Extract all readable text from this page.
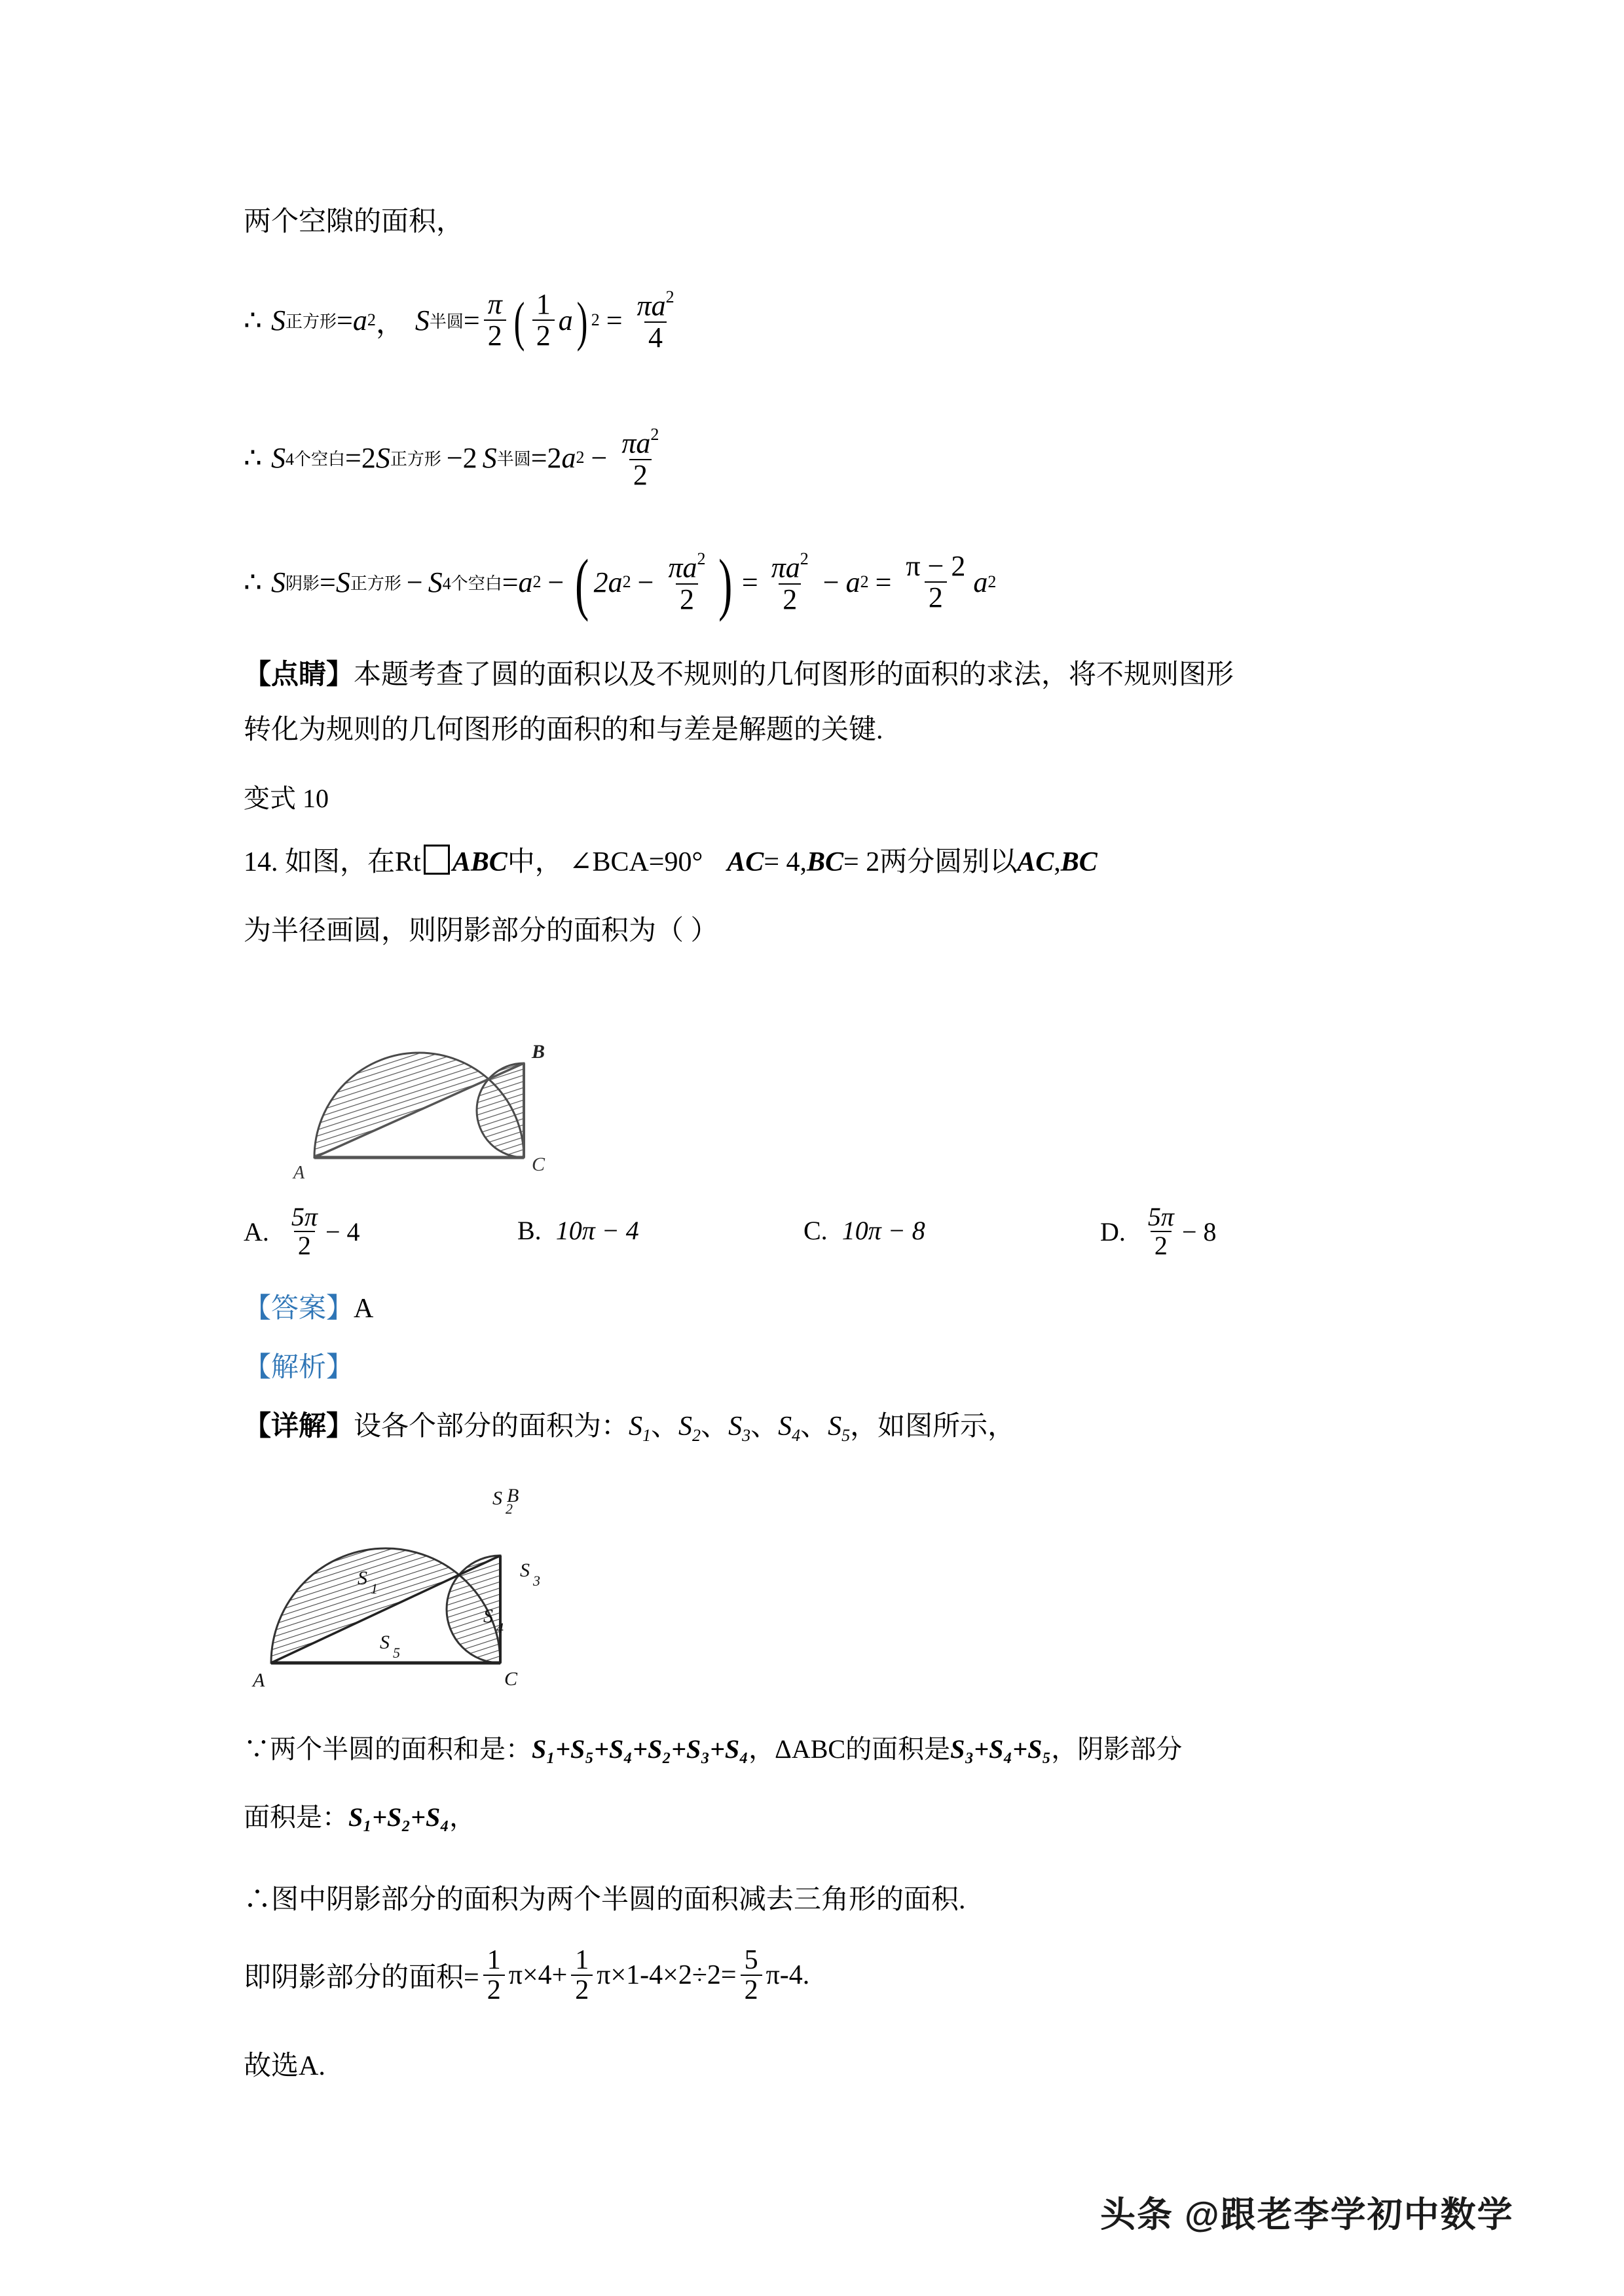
两个空隙的面积，
∴ S 正方形 = a 2 ， S 半圆 = $\frac{\pi}{2}$ ( $\frac{1}{2}$ a ) $2 = \frac{\pi a^2}{4}$
∴ S 4个空白 =2 S 正方形 −2 S 半圆 =2 a $2 - \frac{\pi a^2}{2}$
∴ S 阴影 = S 正方形 − S 4个空白 = a 2 − ( 2a $2 - \frac{\pi a^2}{2}$ ) = $\frac{\pi a^2}{2} - a$ $2 = \frac{\pi - 2}{2}$ a 2
【点睛】本题考查了圆的面积以及不规则的几何图形的面积的求法，将不规则图形
转化为规则的几何图形的面积的和与差是解题的关键.
变式 10
14. 如图，在Rt ABC中， ∠BCA=90° AC= 4,BC= 2两分圆别以AC,BC
为半径画圆，则阴影部分的面积为（ ）
A
B
C
A. $\frac{5\pi}{2} - 4$	B. 10π − 4	C. 10π − 8	D. $\frac{5\pi}{2} - 8$
【答案】A
【解析】
【详解】设各个部分的面积为：$S_1$、$S_2$、$S_3$、$S_4$、$S_5$，如图所示，
S 1
S 2
S 3
S
4
S 5
A
B
C
∵两个半圆的面积和是：S₁+S₅+S₄+S₂+S₃+S₄，ΔABC的面积是S₃+S₄+S₅，阴影部分
面积是：S₁+S₂+S₄，
∴图中阴影部分的面积为两个半圆的面积减去三角形的面积.
即阴影部分的面积= $\frac{1}{2} \pi\times 4+ \frac{1}{2} \pi\times 1-4\times 2\div 2= \frac{5}{2} \pi-4$.
故选A.
头条 @跟老李学初中数学
